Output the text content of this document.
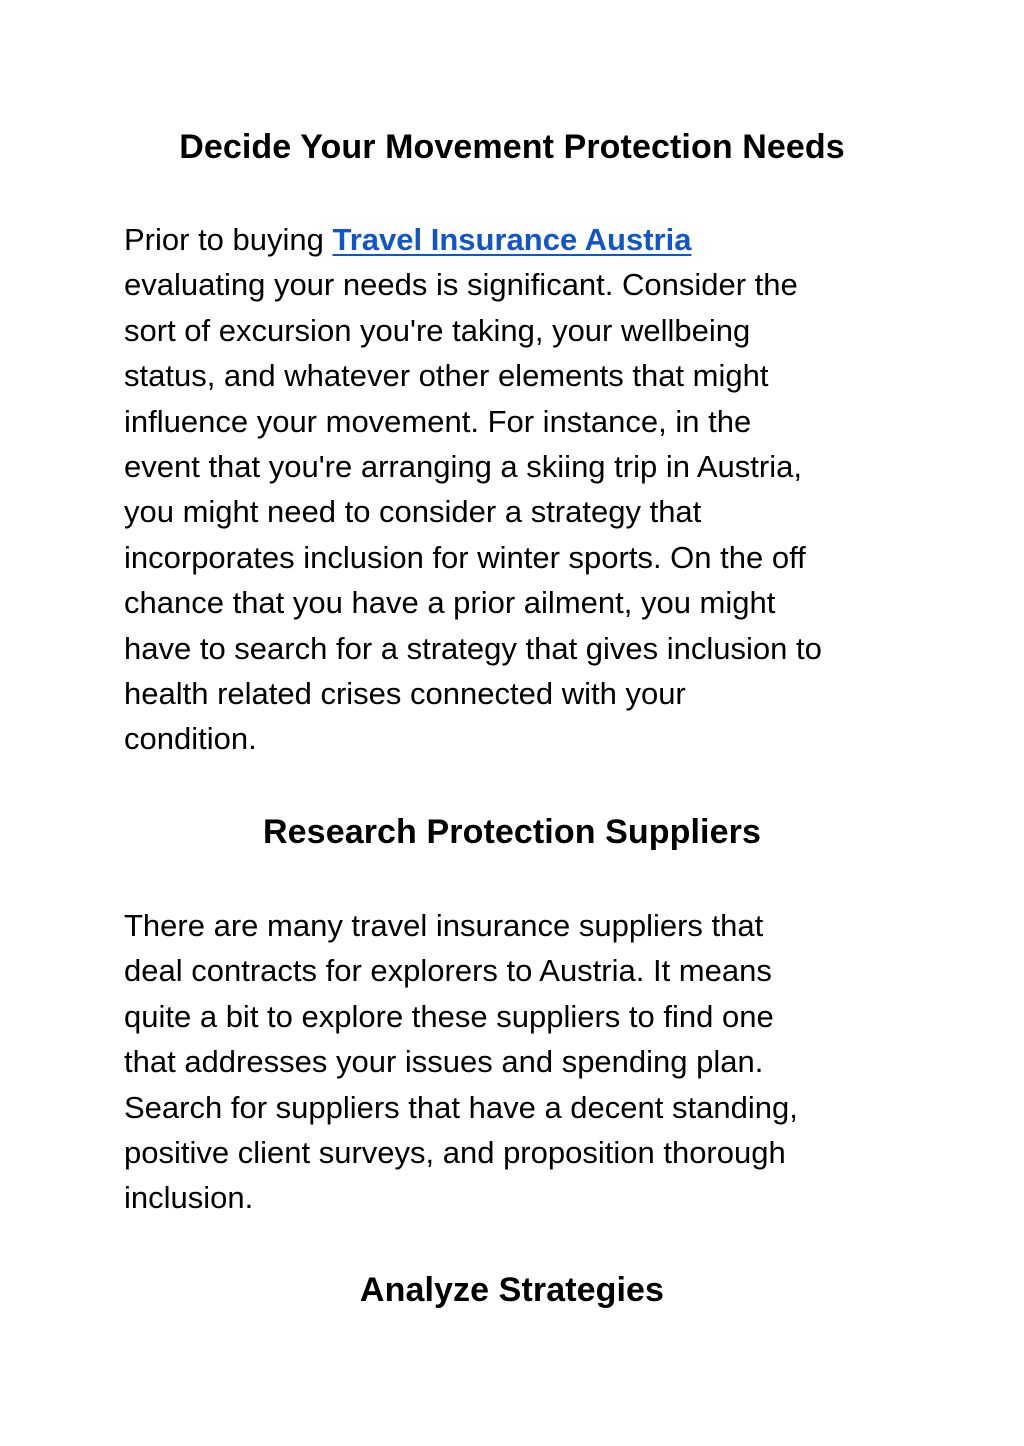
Decide Your Movement Protection Needs

Prior to buying Travel Insurance Austria
evaluating your needs is significant. Consider the
sort of excursion you're taking, your wellbeing
status, and whatever other elements that might
influence your movement. For instance, in the
event that you're arranging a skiing trip in Austria,
you might need to consider a strategy that
incorporates inclusion for winter sports. On the off
chance that you have a prior ailment, you might
have to search for a strategy that gives inclusion to
health related crises connected with your
condition.

Research Protection Suppliers

There are many travel insurance suppliers that
deal contracts for explorers to Austria. It means
quite a bit to explore these suppliers to find one
that addresses your issues and spending plan.
Search for suppliers that have a decent standing,
positive client surveys, and proposition thorough
inclusion.

Analyze Strategies
